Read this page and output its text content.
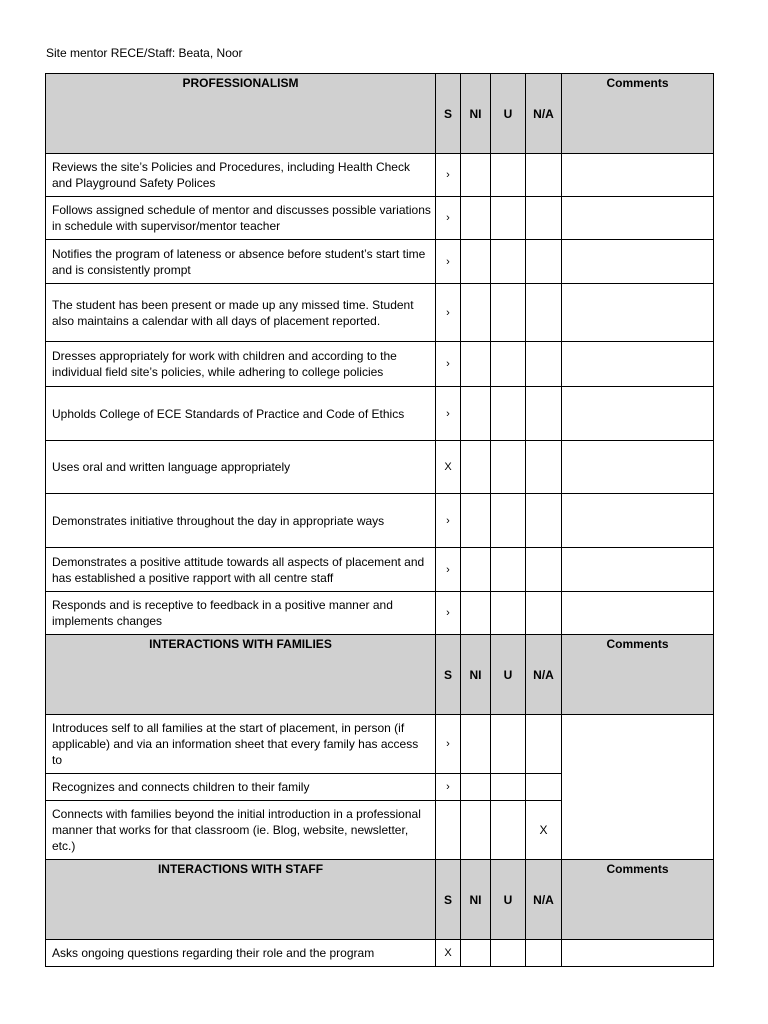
Site mentor RECE/Staff: Beata, Noor
PROFESSIONALISM	S	NI	U	N/A	Comments
Reviews the site’s Policies and Procedures, including Health Check and Playground Safety Polices	›				
Follows assigned schedule of mentor and discusses possible variations in schedule with supervisor/mentor teacher	›				
Notifies the program of lateness or absence before student’s start time and is consistently prompt	›				
The student has been present or made up any missed time. Student also maintains a calendar with all days of placement reported.	›				
Dresses appropriately for work with children and according to the individual field site’s policies, while adhering to college policies	›				
Upholds College of ECE Standards of Practice and Code of Ethics	›				
Uses oral and written language appropriately	X				
Demonstrates initiative throughout the day in appropriate ways	›				
Demonstrates a positive attitude towards all aspects of placement and has established a positive rapport with all centre staff	›				
Responds and is receptive to feedback in a positive manner and implements changes	›				
INTERACTIONS WITH FAMILIES	S	NI	U	N/A	Comments
Introduces self to all families at the start of placement, in person (if applicable) and via an information sheet that every family has access to	›				
Recognizes and connects children to their family	›				
Connects with families beyond the initial introduction in a professional manner that works for that classroom (ie. Blog, website, newsletter, etc.)				X	
INTERACTIONS WITH STAFF	S	NI	U	N/A	Comments
Asks ongoing questions regarding their role and the program	X				
